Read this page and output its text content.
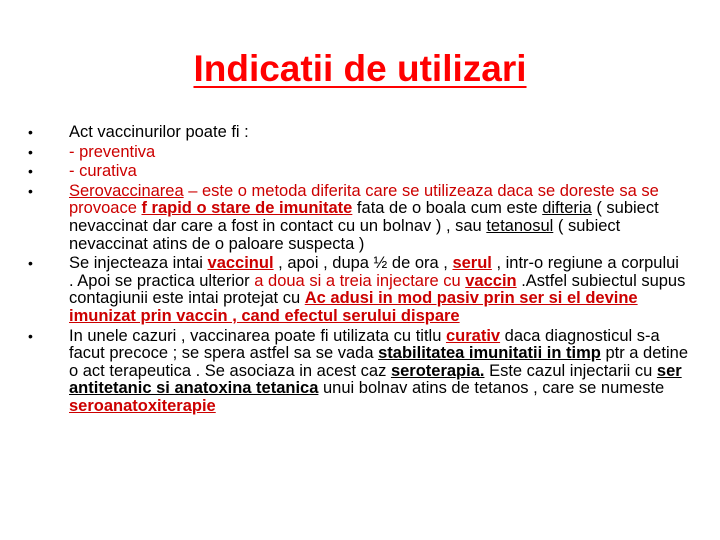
Indicatii de utilizari
•	Act vaccinurilor poate fi :
•	- preventiva
•	- curativa
•	Serovaccinarea – este o metoda diferita care se utilizeaza daca se doreste sa se provoace f rapid o stare de imunitate fata de o boala cum este difteria ( subiect nevaccinat dar care a fost in contact cu un bolnav ) , sau tetanosul ( subiect nevaccinat atins de o paloare suspecta )
•	Se injecteaza intai vaccinul , apoi , dupa ½ de ora , serul , intr-o regiune a corpului . Apoi se practica ulterior a doua si a treia injectare cu vaccin .Astfel subiectul supus contagiunii este intai protejat cu Ac adusi in mod pasiv prin ser si el devine imunizat prin vaccin , cand efectul serului dispare
•	In unele cazuri , vaccinarea poate fi utilizata cu titlu curativ daca diagnosticul s-a facut precoce ; se spera astfel sa se vada stabilitatea imunitatii in timp ptr a detine o act terapeutica . Se asociaza in acest caz seroterapia. Este cazul injectarii cu ser antitetanic si anatoxina tetanica unui bolnav atins de tetanos , care se numeste seroanatoxiterapie
